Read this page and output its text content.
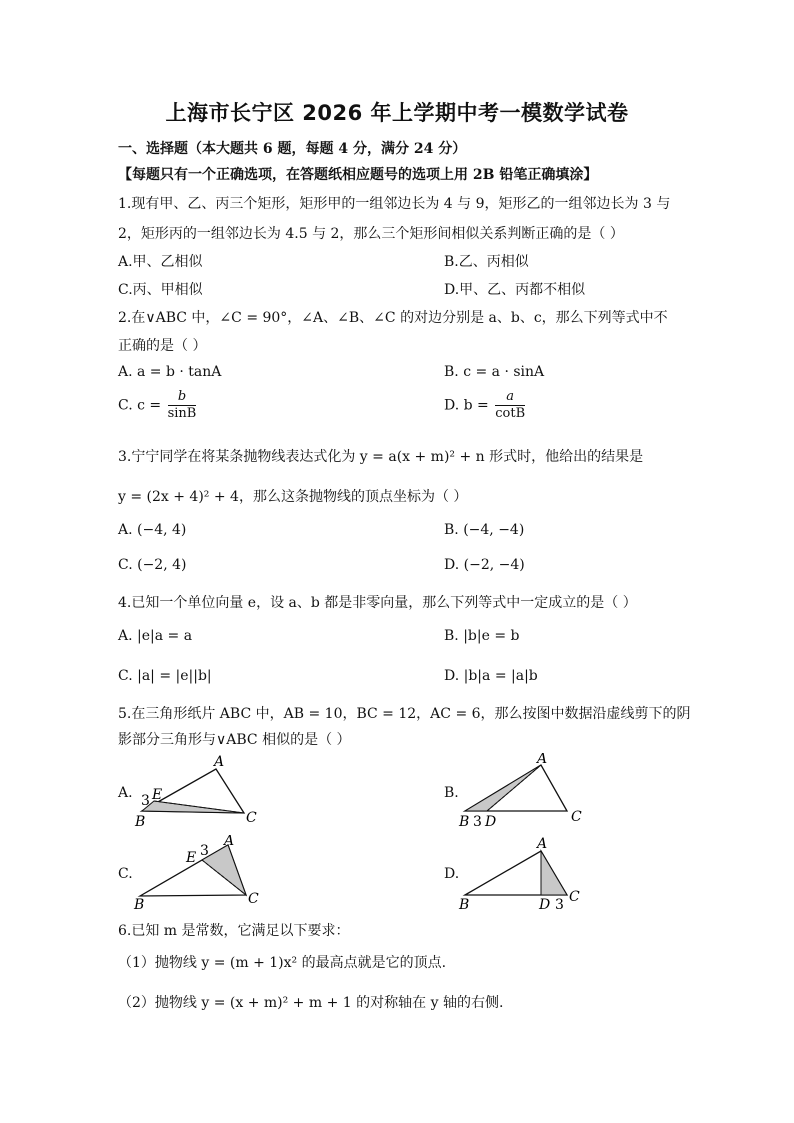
上海市长宁区 2026 年上学期中考一模数学试卷
一、选择题（本大题共 6 题，每题 4 分，满分 24 分）
【每题只有一个正确选项，在答题纸相应题号的选项上用 2B 铅笔正确填涂】
1.现有甲、乙、丙三个矩形，矩形甲的一组邻边长为 4 与 9，矩形乙的一组邻边长为 3 与
2，矩形丙的一组邻边长为 4.5 与 2，那么三个矩形间相似关系判断正确的是（ ）
A.甲、乙相似	B.乙、丙相似
C.丙、甲相似	D.甲、乙、丙都不相似
2.在∨ABC 中，∠C = 90°，∠A、∠B、∠C 的对边分别是 a、b、c，那么下列等式中不
正确的是（ ）
A. a = b · tanA	B. c = a · sinA
C. $c = \frac{b}{\sin B}$	D. $b = \frac{a}{\cot B}$
3.宁宁同学在将某条抛物线表达式化为 y = a(x + m)² + n 形式时，他给出的结果是
y = (2x + 4)² + 4，那么这条抛物线的顶点坐标为（ ）
A. (−4, 4)	B. (−4, −4)
C. (−2, 4)	D. (−2, −4)
4.已知一个单位向量 e，设 a、b 都是非零向量，那么下列等式中一定成立的是（ ）
A. |e|a = a	B. |b|e = b
C. |a| = |e||b|	D. |b|a = |a|b
5.在三角形纸片 ABC 中，AB = 10，BC = 12，AC = 6，那么按图中数据沿虚线剪下的阴
影部分三角形与∨ABC 相似的是（ ）
A.
A
E
3
B	C
B.
A
B 3 D	C
C.
A
E 3
B	C
D.
A
B	D 3 C
6.已知 m 是常数，它满足以下要求：
（1）抛物线 y = (m + 1)x² 的最高点就是它的顶点.
（2）抛物线 y = (x + m)² + m + 1 的对称轴在 y 轴的右侧.
